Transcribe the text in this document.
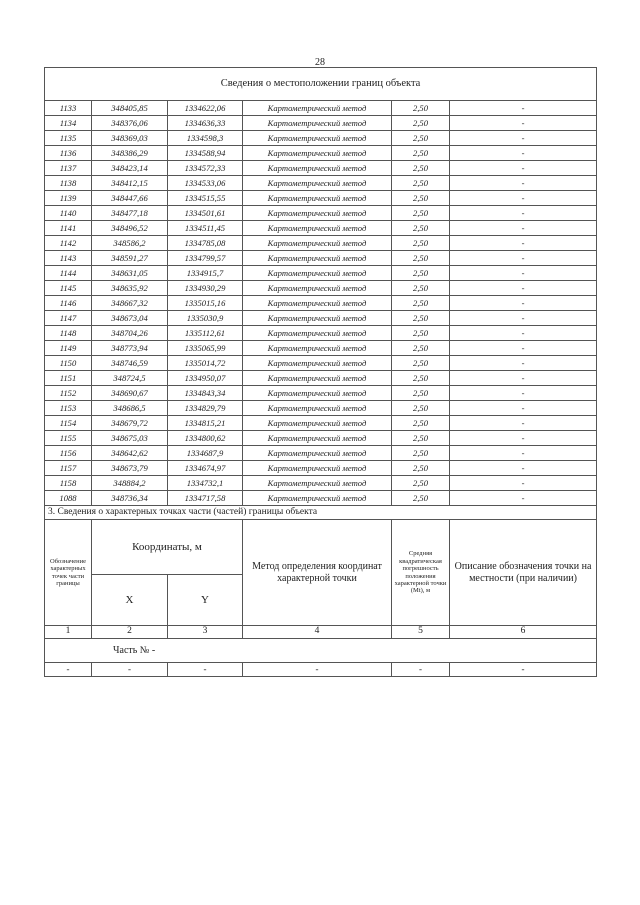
28
Сведения о местоположении границ объекта					
1133	348405,85	1334622,06	Картометрический метод	2,50	-
1134	348376,06	1334636,33	Картометрический метод	2,50	-
1135	348369,03	1334598,3	Картометрический метод	2,50	-
1136	348386,29	1334588,94	Картометрический метод	2,50	-
1137	348423,14	1334572,33	Картометрический метод	2,50	-
1138	348412,15	1334533,06	Картометрический метод	2,50	-
1139	348447,66	1334515,55	Картометрический метод	2,50	-
1140	348477,18	1334501,61	Картометрический метод	2,50	-
1141	348496,52	1334511,45	Картометрический метод	2,50	-
1142	348586,2	1334785,08	Картометрический метод	2,50	-
1143	348591,27	1334799,57	Картометрический метод	2,50	-
1144	348631,05	1334915,7	Картометрический метод	2,50	-
1145	348635,92	1334930,29	Картометрический метод	2,50	-
1146	348667,32	1335015,16	Картометрический метод	2,50	-
1147	348673,04	1335030,9	Картометрический метод	2,50	-
1148	348704,26	1335112,61	Картометрический метод	2,50	-
1149	348773,94	1335065,99	Картометрический метод	2,50	-
1150	348746,59	1335014,72	Картометрический метод	2,50	-
1151	348724,5	1334950,07	Картометрический метод	2,50	-
1152	348690,67	1334843,34	Картометрический метод	2,50	-
1153	348686,5	1334829,79	Картометрический метод	2,50	-
1154	348679,72	1334815,21	Картометрический метод	2,50	-
1155	348675,03	1334800,62	Картометрический метод	2,50	-
1156	348642,62	1334687,9	Картометрический метод	2,50	-
1157	348673,79	1334674,97	Картометрический метод	2,50	-
1158	348884,2	1334732,1	Картометрический метод	2,50	-
1088	348736,34	1334717,58	Картометрический метод	2,50	-
3. Сведения о характерных точках части (частей) границы объекта					
Обозначение характерных точек части границы	Координаты, м		Метод определения координат характерной точки	Средняя квадратическая погрешность положения характерной точки (Mt), м	Описание обозначения точки на местности (при наличии)
	X	Y			
1	2	3	4	5	6
Часть № -					
-	-	-	-	-	-
